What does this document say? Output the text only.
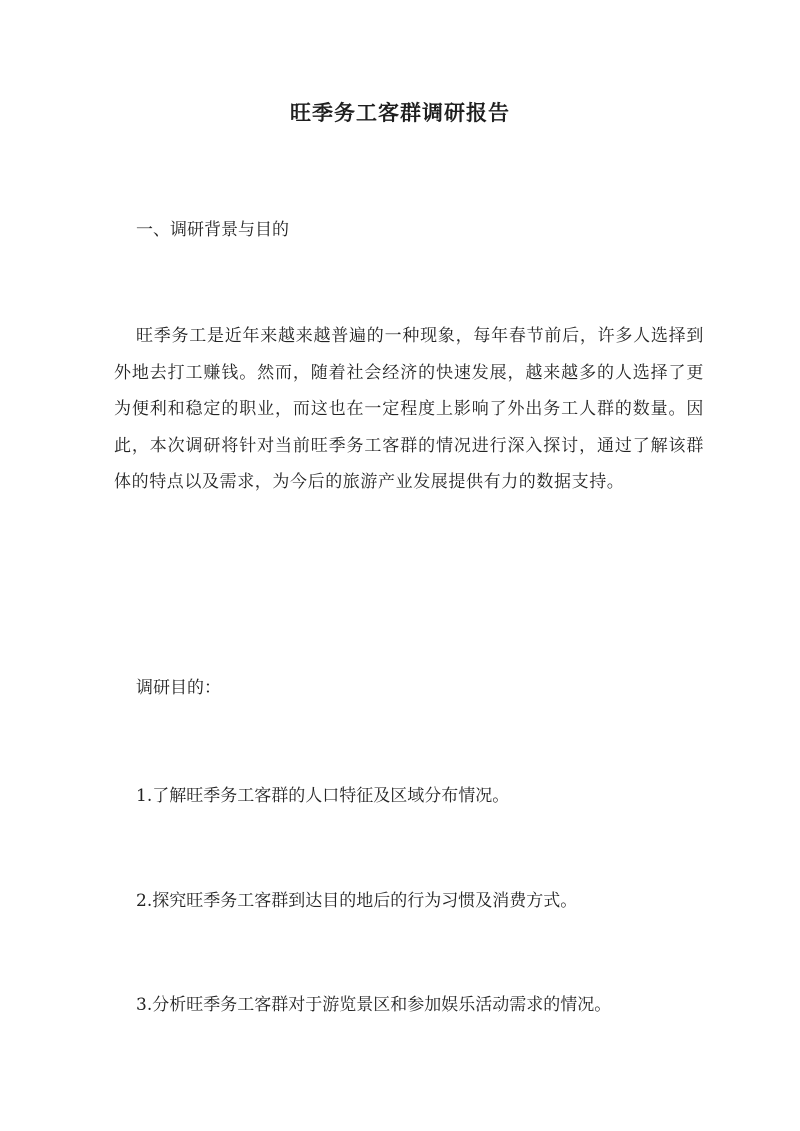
旺季务工客群调研报告
一、调研背景与目的
旺季务工是近年来越来越普遍的一种现象，每年春节前后，许多人选择到外地去打工赚钱。然而，随着社会经济的快速发展，越来越多的人选择了更为便利和稳定的职业，而这也在一定程度上影响了外出务工人群的数量。因此，本次调研将针对当前旺季务工客群的情况进行深入探讨，通过了解该群体的特点以及需求，为今后的旅游产业发展提供有力的数据支持。
调研目的：
1.了解旺季务工客群的人口特征及区域分布情况。
2.探究旺季务工客群到达目的地后的行为习惯及消费方式。
3.分析旺季务工客群对于游览景区和参加娱乐活动需求的情况。
